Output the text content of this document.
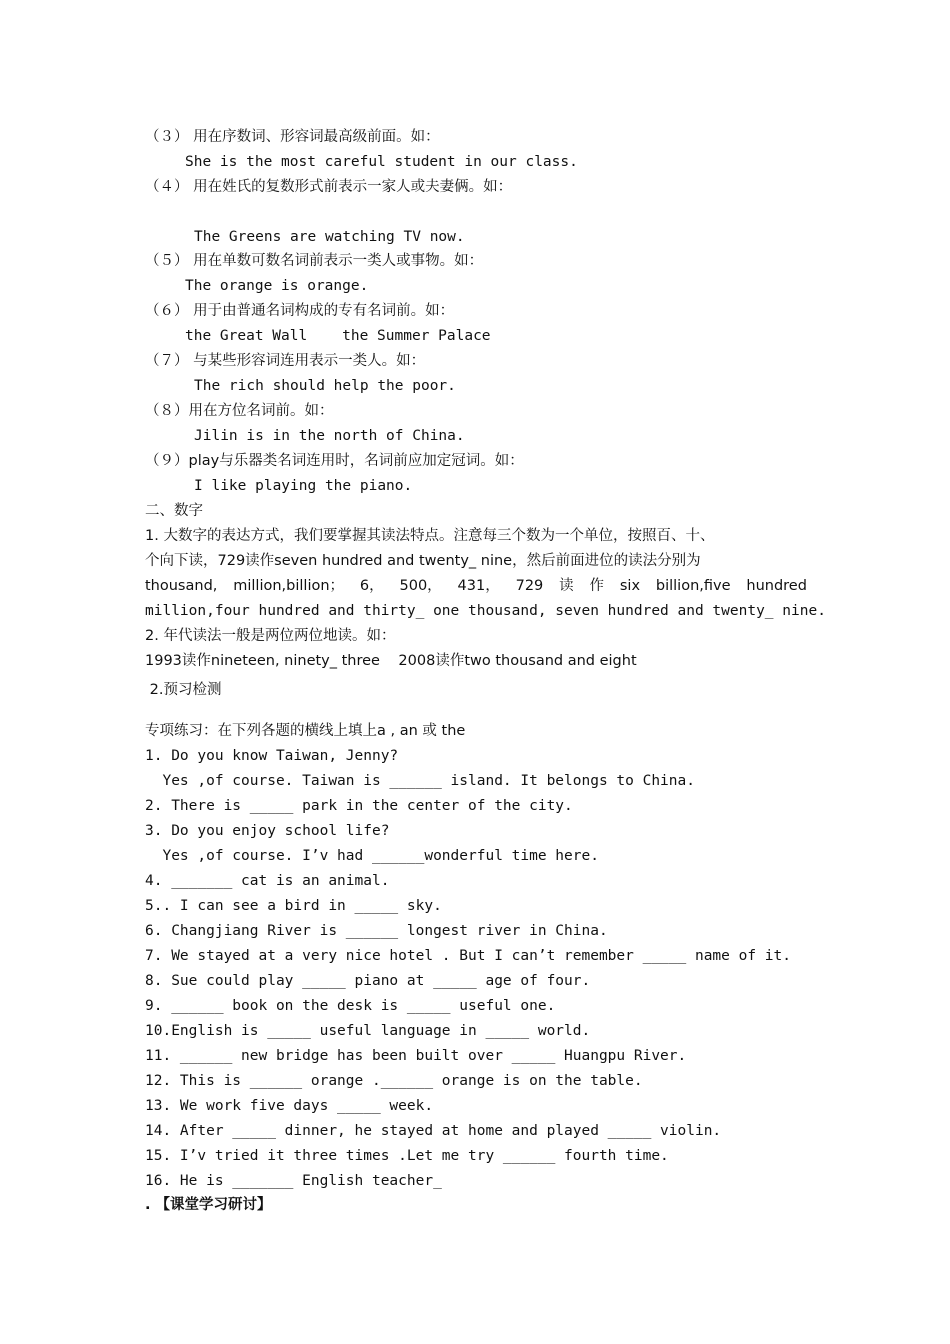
（３） 用在序数词、形容词最高级前面。如：
She is the most careful student in our class.
（４） 用在姓氏的复数形式前表示一家人或夫妻俩。如：
The Greens are watching TV now.
（５） 用在单数可数名词前表示一类人或事物。如：
The orange is orange.
（６） 用于由普通名词构成的专有名词前。如：
the Great Wall    the Summer Palace
（７） 与某些形容词连用表示一类人。如：
The rich should help the poor.
（８）用在方位名词前。如：
Jilin is in the north of China.
（９）play与乐器类名词连用时，名词前应加定冠词。如：
I like playing the piano.
二、数字
1. 大数字的表达方式，我们要掌握其读法特点。注意每三个数为一个单位，按照百、十、
个向下读，729读作seven hundred and twenty_ nine，然后前面进位的读法分别为
thousand, million,billion； 6， 500， 431， 729 读 作 six billion,five hundred
million,four hundred and thirty_ one thousand, seven hundred and twenty_ nine.
2. 年代读法一般是两位两位地读。如：
1993读作nineteen, ninety_ three    2008读作two thousand and eight
2.预习检测
专项练习：在下列各题的横线上填上a , an 或 the
1. Do you know Taiwan, Jenny?
Yes ,of course. Taiwan is ______ island. It belongs to China.
2. There is _____ park in the center of the city.
3. Do you enjoy school life?
Yes ,of course. I’v had ______wonderful time here.
4. _______ cat is an animal.
5.. I can see a bird in _____ sky.
6. Changjiang River is ______ longest river in China.
7. We stayed at a very nice hotel . But I can’t remember _____ name of it.
8. Sue could play _____ piano at _____ age of four.
9. ______ book on the desk is _____ useful one.
10.English is _____ useful language in _____ world.
11. ______ new bridge has been built over _____ Huangpu River.
12. This is ______ orange .______ orange is on the table.
13. We work five days _____ week.
14. After _____ dinner, he stayed at home and played _____ violin.
15. I’v tried it three times .Let me try ______ fourth time.
16. He is _______ English teacher_
. 【课堂学习研讨】
